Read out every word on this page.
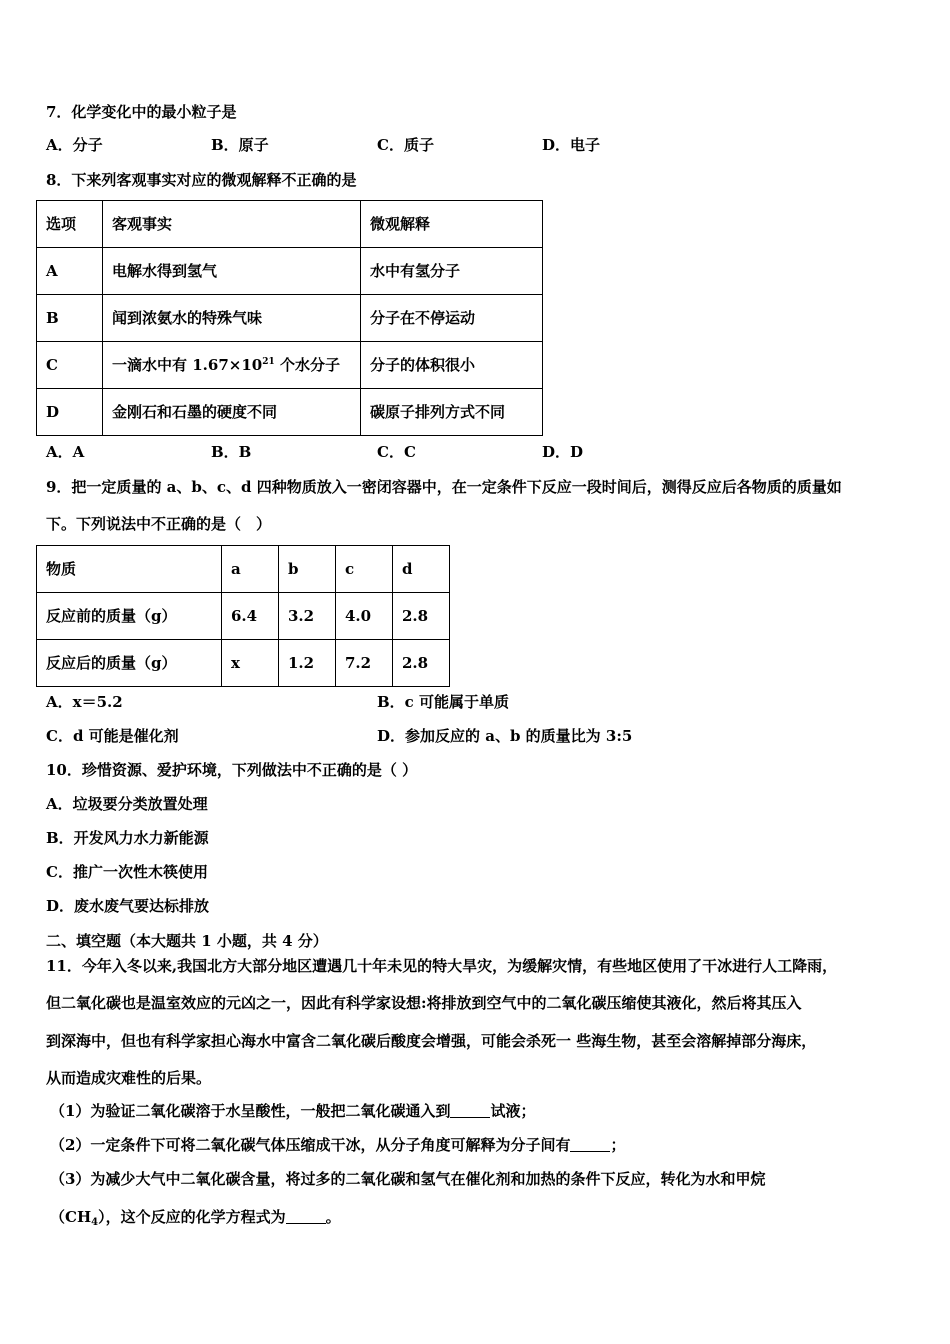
7．化学变化中的最小粒子是
A．分子	B．原子	C．质子	D．电子
8．下来列客观事实对应的微观解释不正确的是
选项	客观事实	微观解释
A	电解水得到氢气	水中有氢分子
B	闻到浓氨水的特殊气味	分子在不停运动
C	一滴水中有 $1.67\times 10^{21}$ 个水分子	分子的体积很小
D	金刚石和石墨的硬度不同	碳原子排列方式不同
A．A	B．B	C．C	D．D
9．把一定质量的 a、b、c、d 四种物质放入一密闭容器中，在一定条件下反应一段时间后，测得反应后各物质的质量如
下。下列说法中不正确的是（　）
物质	a	b	c	d
反应前的质量（g）	6.4	3.2	4.0	2.8
反应后的质量（g）	x	1.2	7.2	2.8
A．x＝5.2	B．c 可能属于单质
C．d 可能是催化剂	D．参加反应的 a、b 的质量比为 3:5
10．珍惜资源、爱护环境，下列做法中不正确的是（ ）
A．垃圾要分类放置处理
B．开发风力水力新能源
C．推广一次性木筷使用
D．废水废气要达标排放
二、填空题（本大题共 1 小题，共 4 分）
11．今年入冬以来,我国北方大部分地区遭遇几十年未见的特大旱灾，为缓解灾情，有些地区使用了干冰进行人工降雨，
但二氧化碳也是温室效应的元凶之一，因此有科学家设想:将排放到空气中的二氧化碳压缩使其液化，然后将其压入
到深海中，但也有科学家担心海水中富含二氧化碳后酸度会增强，可能会杀死一 些海生物，甚至会溶解掉部分海床，
从而造成灾难性的后果。
（1）为验证二氧化碳溶于水呈酸性，一般把二氧化碳通入到	试液；
（2）一定条件下可将二氧化碳气体压缩成干冰，从分子角度可解释为分子间有	；
（3）为减少大气中二氧化碳含量，将过多的二氧化碳和氢气在催化剂和加热的条件下反应，转化为水和甲烷
$(CH_4)$，这个反应的化学方程式为	。
